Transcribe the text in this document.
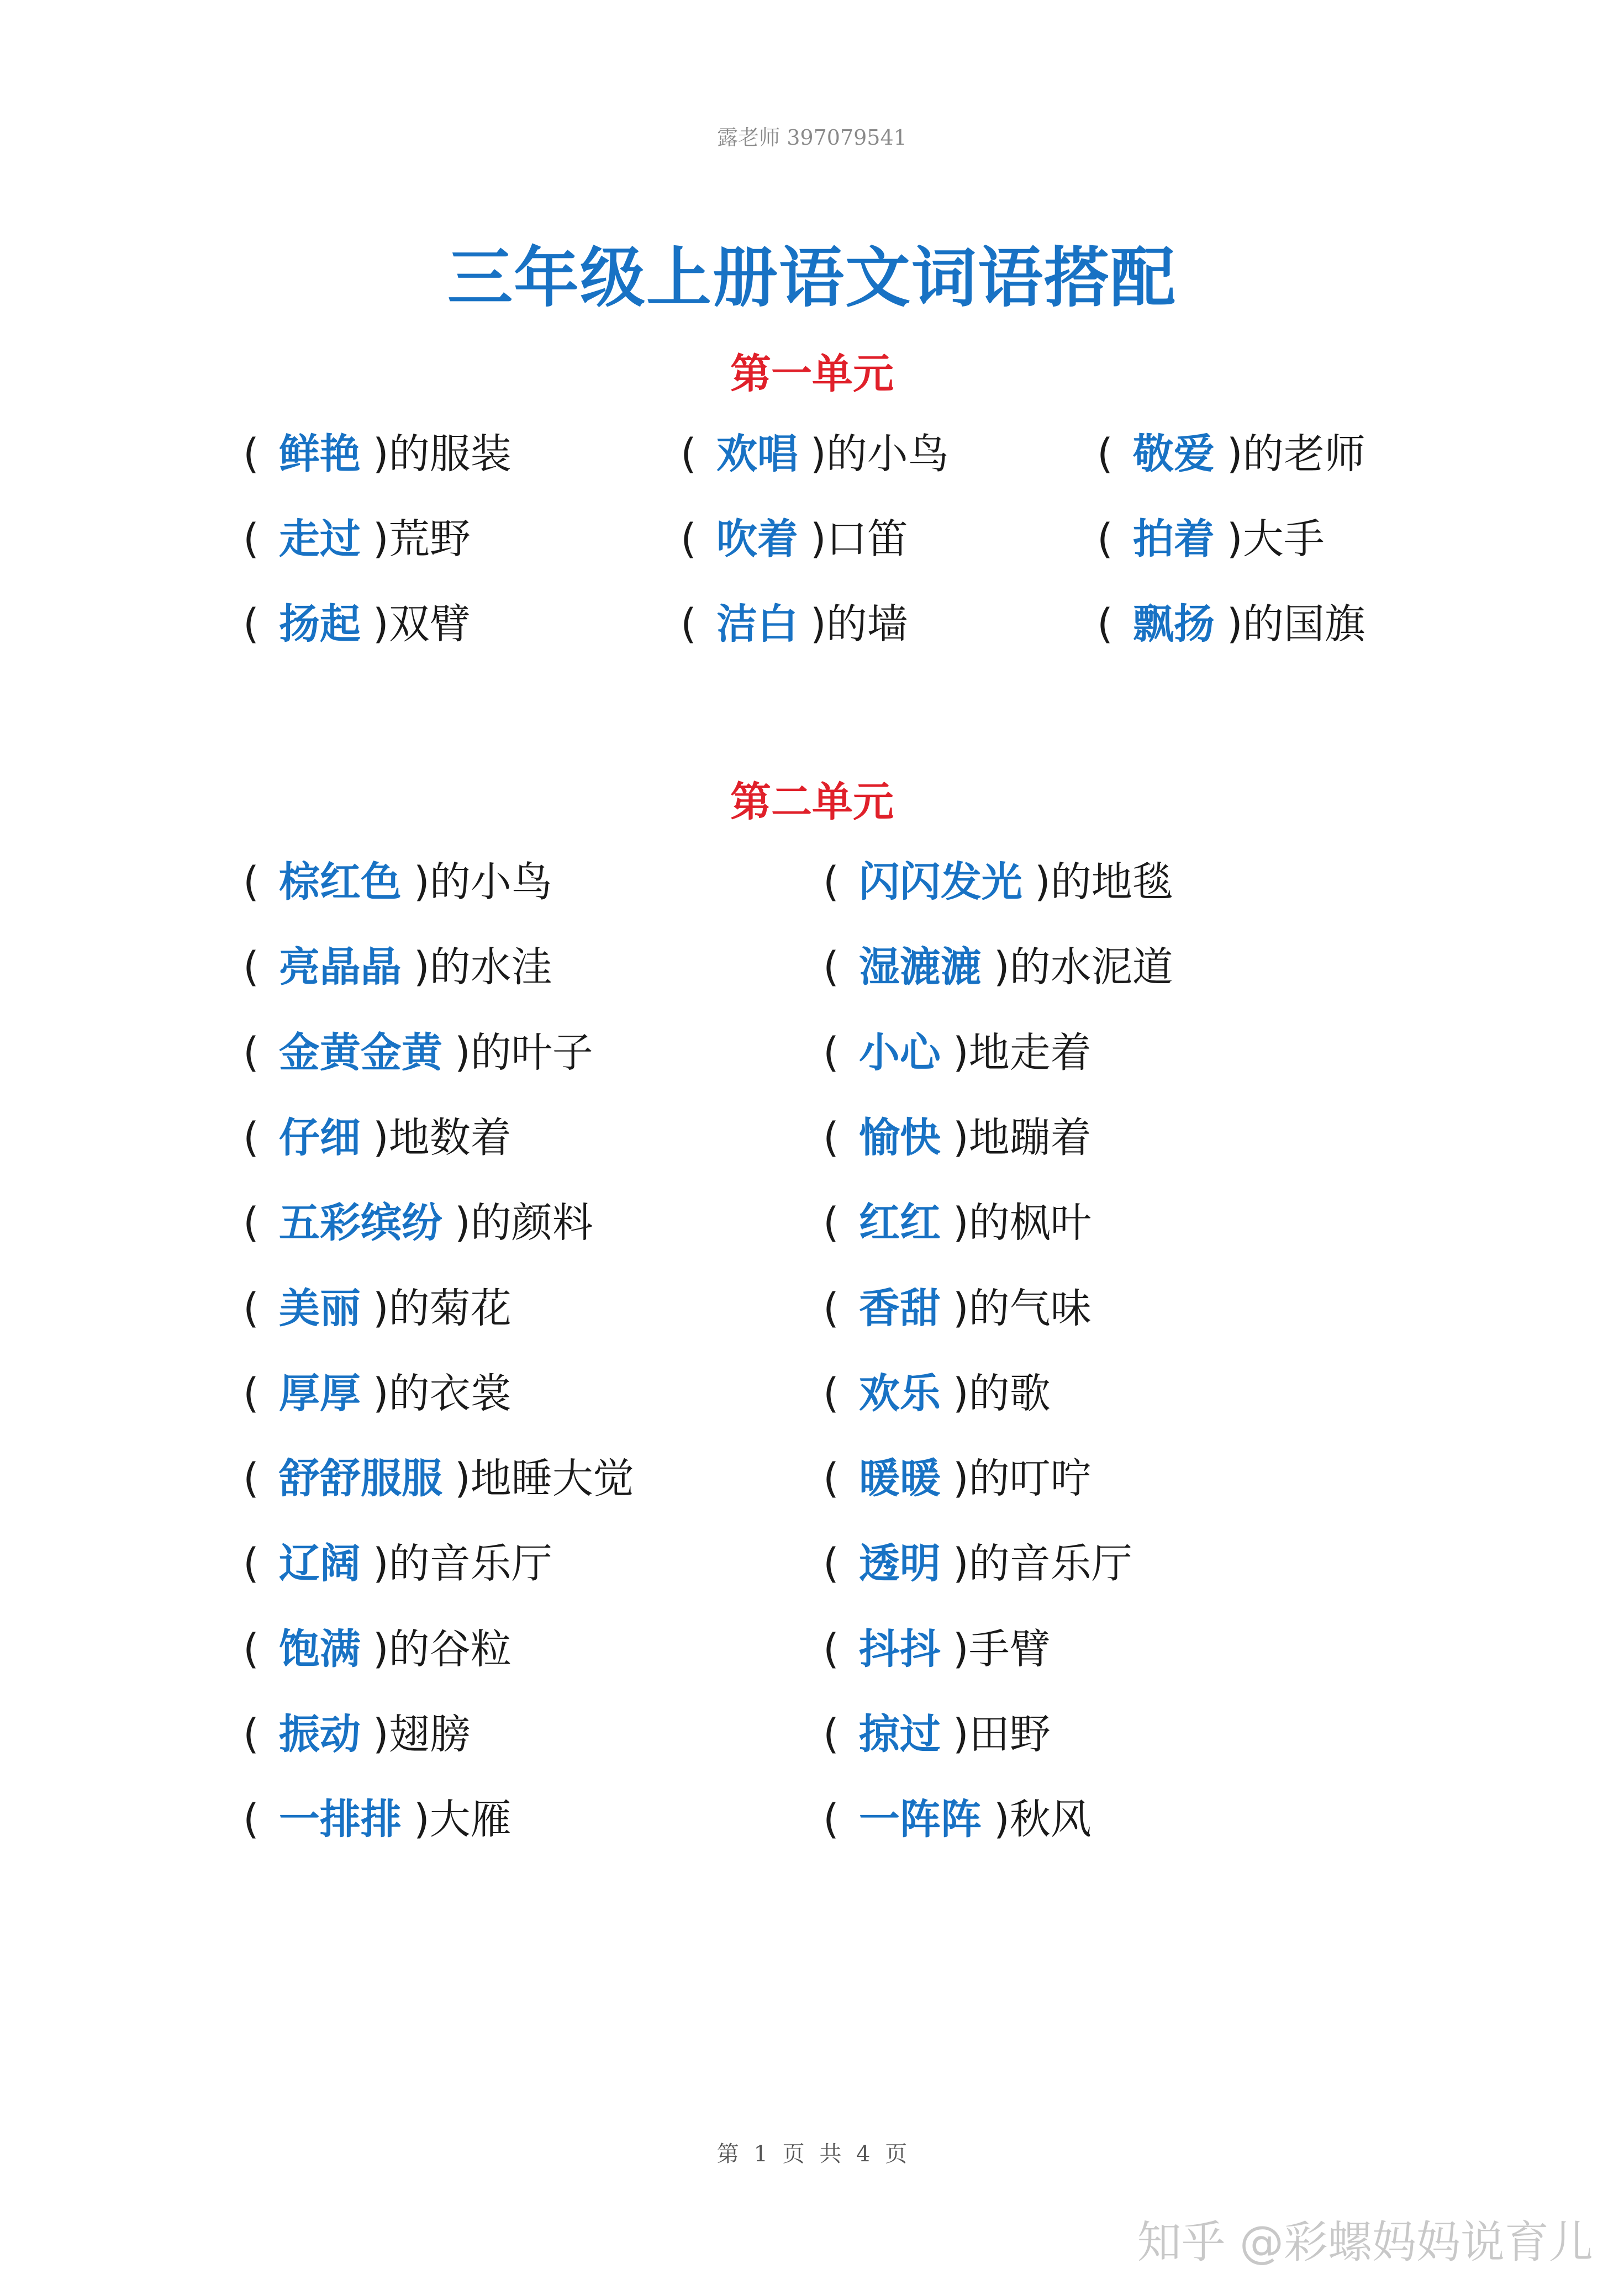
露老师 397079541
三年级上册语文词语搭配
第一单元
( 鲜艳 )的服装	( 欢唱 )的小鸟	( 敬爱 )的老师
( 走过 )荒野	( 吹着 )口笛	( 拍着 )大手
( 扬起 )双臂	( 洁白 )的墙	( 飘扬 )的国旗
第二单元
( 棕红色 )的小鸟	( 闪闪发光 )的地毯
( 亮晶晶 )的水洼	( 湿漉漉 )的水泥道
( 金黄金黄 )的叶子	( 小心 )地走着
( 仔细 )地数着	( 愉快 )地蹦着
( 五彩缤纷 )的颜料	( 红红 )的枫叶
( 美丽 )的菊花	( 香甜 )的气味
( 厚厚 )的衣裳	( 欢乐 )的歌
( 舒舒服服 )地睡大觉	( 暖暖 )的叮咛
( 辽阔 )的音乐厅	( 透明 )的音乐厅
( 饱满 )的谷粒	( 抖抖 )手臂
( 振动 )翅膀	( 掠过 )田野
( 一排排 )大雁	( 一阵阵 )秋风
第 1 页 共 4 页
知乎 @彩螺妈妈说育儿
